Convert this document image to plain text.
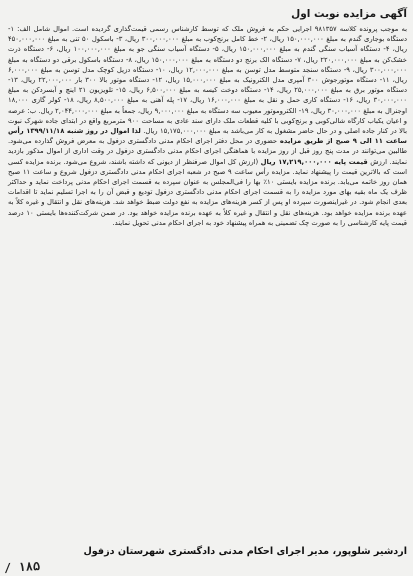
آگهی مزایده نوبت اول

به موجب پرونده کلاسه ۹۸۱۳۵۷ اجرایی حکم به فروش ملک که توسط کارشناس رسمی قیمت‌گذاری گردیده است. اموال شامل الف: ۱- دستگاه بوجاری گندم به مبلغ ۱۵۰,۰۰۰,۰۰۰ ریال، ۲- خط کامل برنج‌کوب به مبلغ ۳۰۰,۰۰۰,۰۰۰ ریال، ۳- باسکول ۵۰ تنی به مبلغ ۴۵۰,۰۰۰,۰۰۰ ریال، ۴- دستگاه آسیاب سنگی گندم به مبلغ ۱۵۰,۰۰۰,۰۰۰ ریال، ۵- دستگاه آسیاب سنگی جو به مبلغ ۱۰۰,۰۰۰,۰۰۰ ریال، ۶- دستگاه ذرت خشک‌کن به مبلغ ۲۲۰,۰۰۰,۰۰۰ ریال، ۷- دستگاه الک برنج دو دستگاه به مبلغ ۱۵۰,۰۰۰,۰۰۰ ریال، ۸- دستگاه باسکول برقی دو دستگاه به مبلغ ۳۰۰,۰۰۰,۰۰۰ ریال، ۹- دستگاه سنجد متوسط مدل توسن به مبلغ ۱۲,۰۰۰,۰۰۰ ریال، ۱۰- دستگاه دزیل کوچک مدل توسن به مبلغ ۶,۰۰۰,۰۰۰ ریال، ۱۱- دستگاه موتورجوش ۳۰۰ آمپری مدل الکترونیک به مبلغ ۱۵,۰۰۰,۰۰۰ ریال، ۱۲- دستگاه موتور بالا ۳۰۰ بار ۲۲,۰۰۰,۰۰۰ ریال، ۱۳- دستگاه موتور برق به مبلغ ۲۵,۰۰۰,۰۰۰ ریال، ۱۴- دستگاه دوخت کیسه به مبلغ ۶,۵۰۰,۰۰۰ ریال، ۱۵- تلویزیون ۲۱ اینچ و آبسردکن به مبلغ ۳۰,۰۰۰,۰۰۰ ریال، ۱۶- دستگاه کاری حمل و نقل به مبلغ ۱۶,۰۰۰,۰۰۰ ریال، ۱۷- پله آهنی به مبلغ ۸,۵۰۰,۰۰۰ ریال، ۱۸- کولر گازی ۱۸,۰۰۰ اوجنرال به مبلغ ۳۰,۰۰۰,۰۰۰ ریال، ۱۹- الکتروموتور معیوب سه دستگاه به مبلغ ۹,۰۰۰,۰۰۰ ریال، جمعاً به مبلغ ۲,۰۴۴,۰۰۰,۰۰۰ ریال. ب: عرصه و اعیان یکباب کارگاه شالی‌کوبی و برنج‌کوبی با کلیه قطعات ملک دارای سند عادی به مساحت ۹۰۰ مترمربع واقع در ابتدای جاده شهرک نبوت بالا در کنار جاده اصلی و در حال حاضر مشغول به کار می‌باشد به مبلغ ۱۵,۱۷۵,۰۰۰,۰۰۰ ریال. لذا اموال در روز شنبه ۱۳۹۹/۱۱/۱۸ رأس ساعت ۱۱ الی ۹ صبح از طریق مزایده حضوری در محل دفتر اجرای احکام مدنی دادگستری دزفول به معرض فروش گذارده می‌شود. طالبین می‌توانند در مدت پنج روز قبل از روز مزایده با هماهنگی اجرای احکام مدنی دادگستری دزفول در وقت اداری از اموال مذکور بازدید نمایند. ارزش قیمت پایه ۱۷,۲۱۹,۰۰۰,۰۰۰ ریال (ارزش کل اموال صرفنظر از دیونی که داشته باشند، شروع می‌شود. برنده مزایده کسی است که بالاترین قیمت را پیشنهاد نماید. مزایده رأس ساعت ۹ صبح در شعبه اجرای احکام مدنی دادگستری دزفول شروع و ساعت ۱۱ صبح همان روز خاتمه می‌یابد. برنده مزایده بایستی ۱۰٪ بها را فی‌المجلس به عنوان سپرده به قسمت اجرای احکام مدنی پرداخت نماید و حداکثر ظرف یک ماه بقیه بهای مورد مزایده را به قسمت اجرای احکام مدنی دادگستری دزفول تودیع و قبض آن را به اجرا تسلیم نماید تا اقدامات بعدی انجام شود. در غیراینصورت سپرده او پس از کسر هزینه‌های مزایده به نفع دولت ضبط خواهد شد. هزینه‌های نقل و انتقال و غیره کلاً به عهده برنده مزایده خواهد بود. هزینه‌های نقل و انتقال و غیره کلاً به عهده برنده مزایده خواهد بود. در ضمن شرکت‌کننده‌ها بایستی ۱۰ درصد قیمت پایه کارشناسی را به صورت چک تضمینی به همراه پیشنهاد خود به اجرای احکام مدنی تحویل نمایند.

اردشیر شلوپور، مدیر اجرای احکام مدنی دادگستری شهرستان دزفول
/ ۱۸۵
